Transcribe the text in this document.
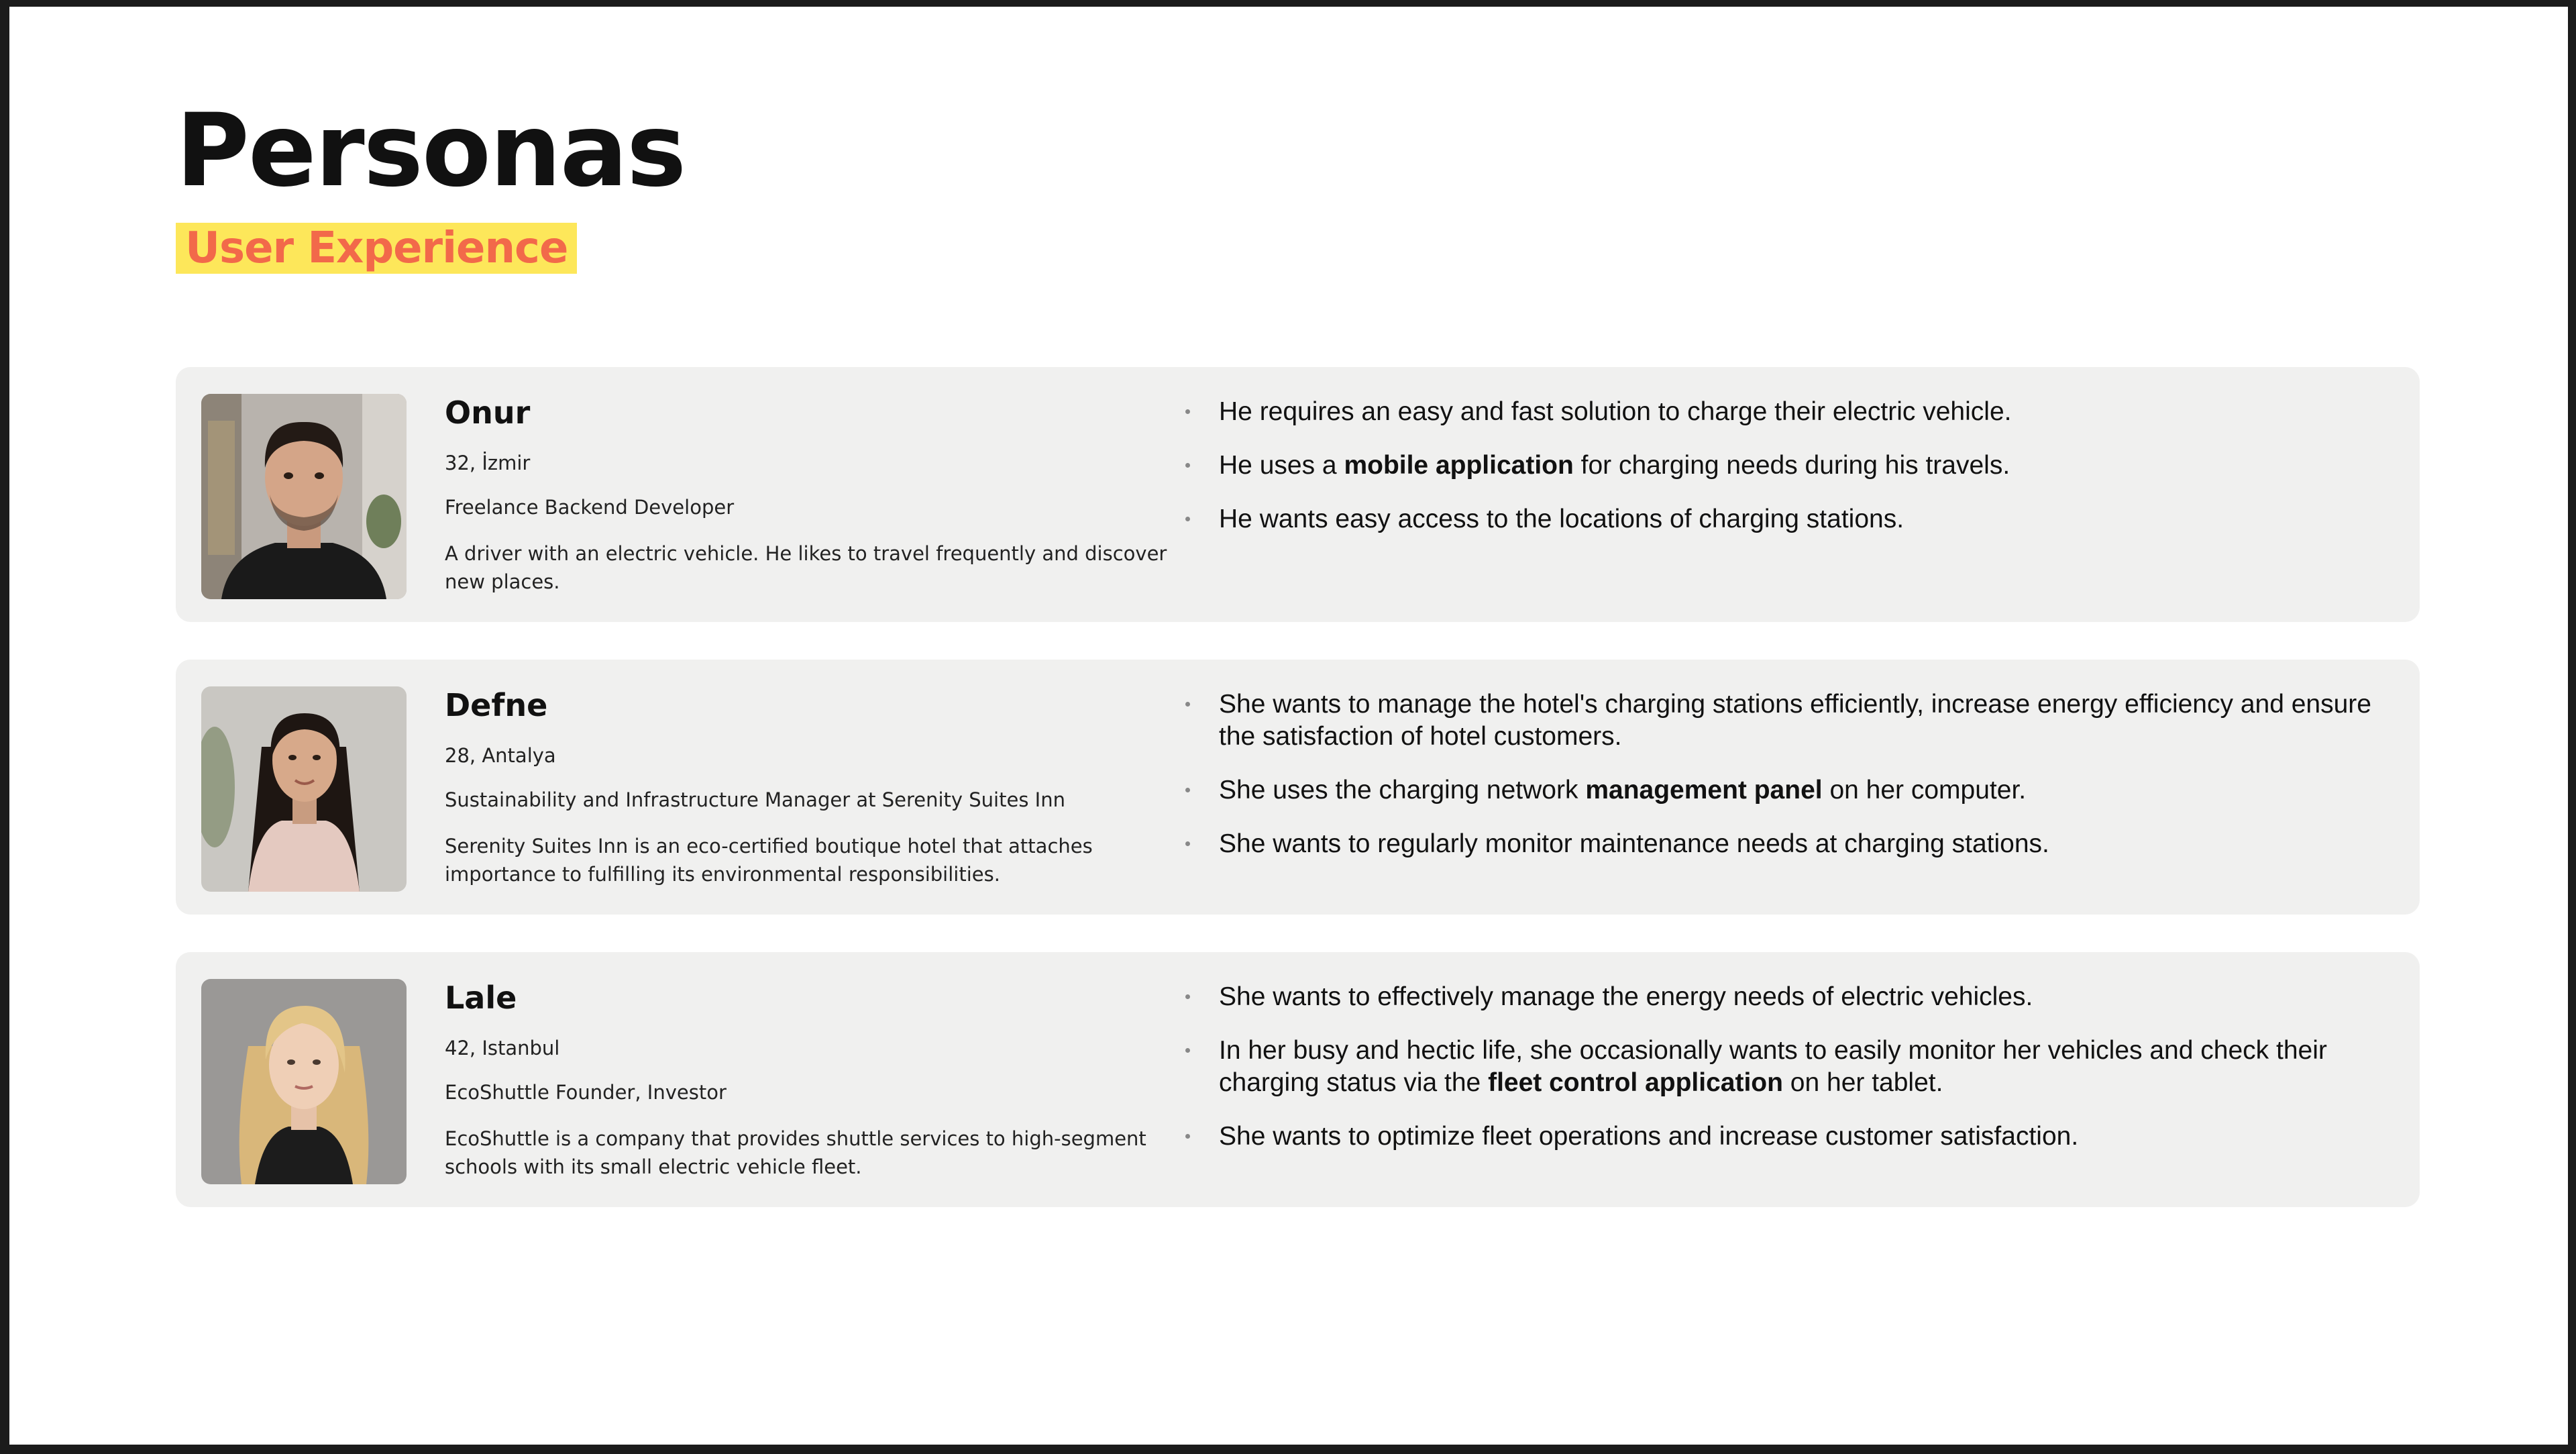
Personas
User Experience
Onur
32, İzmir
Freelance Backend Developer
A driver with an electric vehicle. He likes to travel frequently and discover new places.
He requires an easy and fast solution to charge their electric vehicle.
He uses a mobile application for charging needs during his travels.
He wants easy access to the locations of charging stations.
Defne
28, Antalya
Sustainability and Infrastructure Manager at Serenity Suites Inn
Serenity Suites Inn is an eco-certified boutique hotel that attaches importance to fulfilling its environmental responsibilities.
She wants to manage the hotel's charging stations efficiently, increase energy efficiency and ensure the satisfaction of hotel customers.
She uses the charging network management panel on her computer.
She wants to regularly monitor maintenance needs at charging stations.
Lale
42, Istanbul
EcoShuttle Founder, Investor
EcoShuttle is a company that provides shuttle services to high-segment schools with its small electric vehicle fleet.
She wants to effectively manage the energy needs of electric vehicles.
In her busy and hectic life, she occasionally wants to easily monitor her vehicles and check their charging status via the fleet control application on her tablet.
She wants to optimize fleet operations and increase customer satisfaction.
